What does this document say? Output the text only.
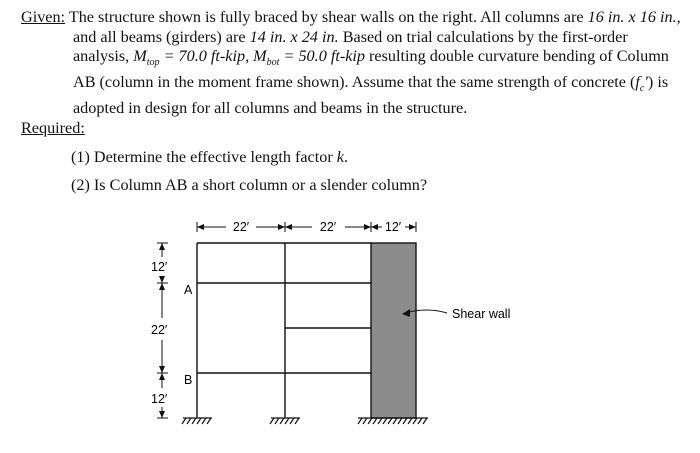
Given: The structure shown is fully braced by shear walls on the right. All columns are 16 in. x 16 in., and all beams (girders) are 14 in. x 24 in. Based on trial calculations by the first-order analysis, $M_{top} = 70.0$ ft-kip, $M_{bot} = 50.0$ ft-kip resulting double curvature bending of Column AB (column in the moment frame shown). Assume that the same strength of concrete $(f_c')$ is adopted in design for all columns and beams in the structure.

Required:
(1) Determine the effective length factor k.
(2) Is Column AB a short column or a slender column?
22′	22′	12′
12′
22′
12′
A
B
Shear wall
